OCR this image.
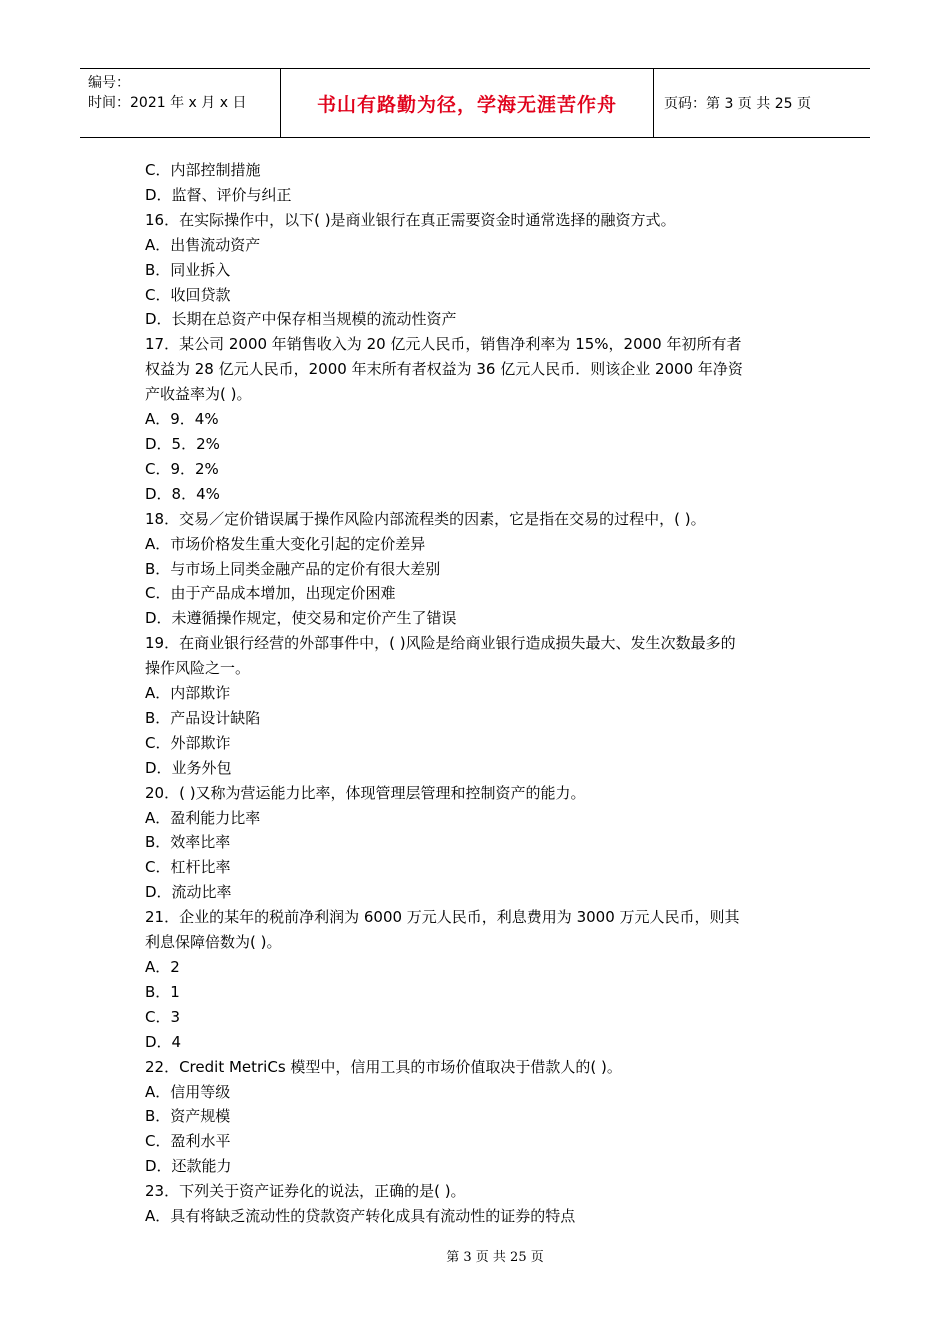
编号：
时间：2021 年 x 月 x 日	书山有路勤为径，学海无涯苦作舟	页码：第 3 页 共 25 页
C．内部控制措施
D．监督、评价与纠正
16．在实际操作中，以下( )是商业银行在真正需要资金时通常选择的融资方式。
A．出售流动资产
B．同业拆入
C．收回贷款
D．长期在总资产中保存相当规模的流动性资产
17．某公司 2000 年销售收入为 20 亿元人民币，销售净利率为 15%，2000 年初所有者
权益为 28 亿元人民币，2000 年末所有者权益为 36 亿元人民币．则该企业 2000 年净资
产收益率为( )。
A．9．4%
D．5．2%
C．9．2%
D．8．4%
18．交易／定价错误属于操作风险内部流程类的因素，它是指在交易的过程中，( )。
A．市场价格发生重大变化引起的定价差异
B．与市场上同类金融产品的定价有很大差别
C．由于产品成本增加，出现定价困难
D．未遵循操作规定，使交易和定价产生了错误
19．在商业银行经营的外部事件中，( )风险是给商业银行造成损失最大、发生次数最多的
操作风险之一。
A．内部欺诈
B．产品设计缺陷
C．外部欺诈
D．业务外包
20．( )又称为营运能力比率，体现管理层管理和控制资产的能力。
A．盈利能力比率
B．效率比率
C．杠杆比率
D．流动比率
21．企业的某年的税前净利润为 6000 万元人民币，利息费用为 3000 万元人民币，则其
利息保障倍数为( )。
A．2
B．1
C．3
D．4
22．Credit MetriCs 模型中，信用工具的市场价值取决于借款人的( )。
A．信用等级
B．资产规模
C．盈利水平
D．还款能力
23．下列关于资产证券化的说法，正确的是( )。
A．具有将缺乏流动性的贷款资产转化成具有流动性的证券的特点
第 3 页 共 25 页
